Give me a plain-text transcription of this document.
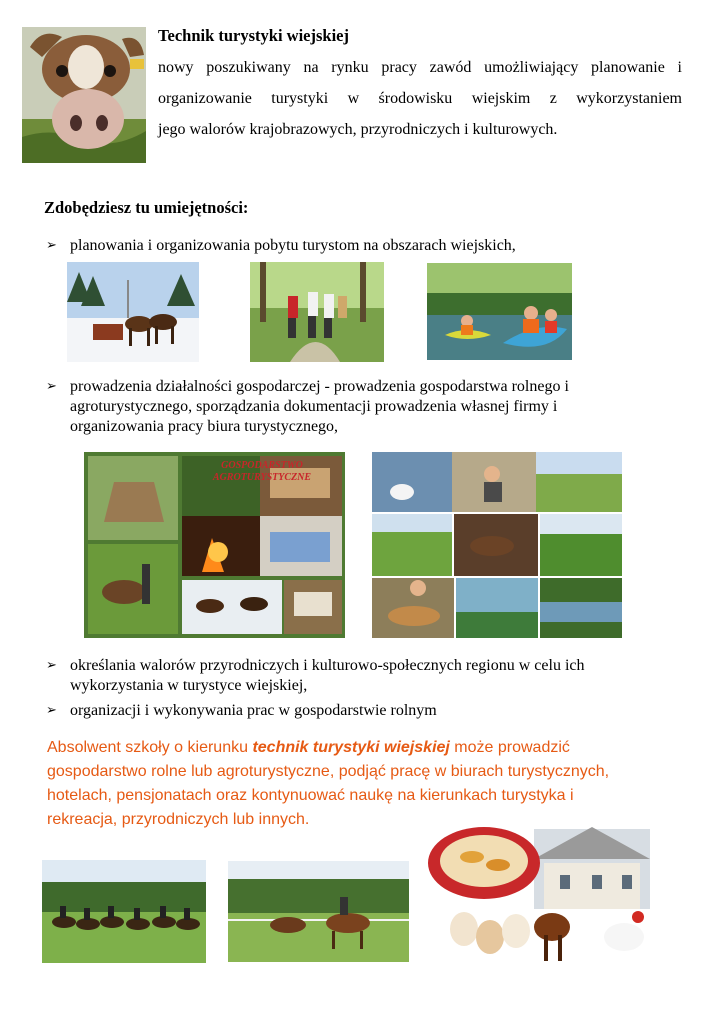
Technik turystyki wiejskiej
nowy poszukiwany na rynku pracy zawód umożliwiający planowanie i
organizowanie turystyki w środowisku wiejskim z wykorzystaniem
jego walorów krajobrazowych, przyrodniczych i kulturowych.
Zdobędziesz tu umiejętności:
➢ planowania i organizowania pobytu turystom na obszarach wiejskich,
➢ prowadzenia działalności gospodarczej - prowadzenia gospodarstwa rolnego i
agroturystycznego, sporządzania dokumentacji prowadzenia własnej firmy i
organizowania pracy biura turystycznego,
GOSPODARSTWO
AGROTURYSTYCZNE
➢ określania walorów przyrodniczych i kulturowo-społecznych regionu w celu ich
wykorzystania w turystyce wiejskiej,
➢ organizacji i wykonywania prac w gospodarstwie rolnym
Absolwent szkoły o kierunku technik turystyki wiejskiej może prowadzić
gospodarstwo rolne lub agroturystyczne, podjąć pracę w biurach turystycznych,
hotelach, pensjonatach oraz kontynuować naukę na kierunkach turystyka i
rekreacja, przyrodniczych lub innych.
